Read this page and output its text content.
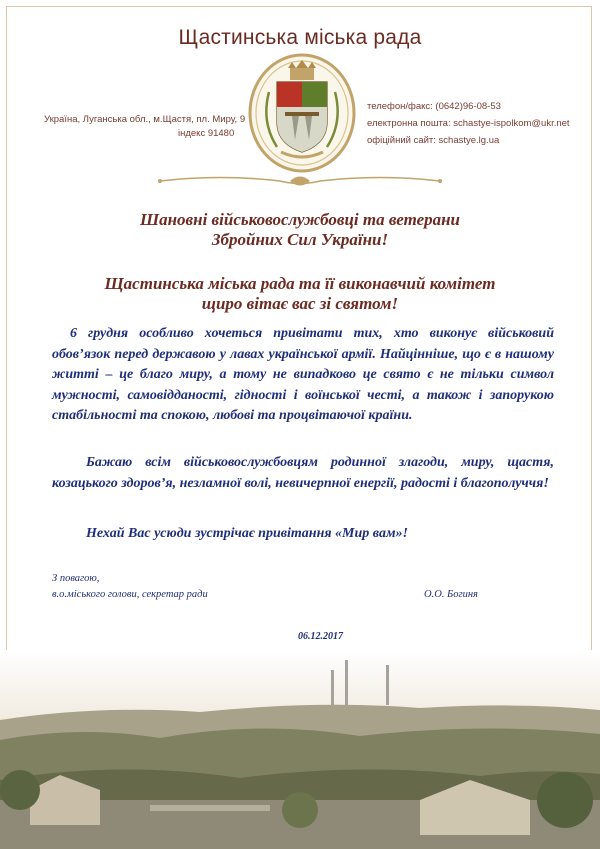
Щастинська міська рада
Україна, Луганська обл., м.Щастя, пл. Миру, 9
індекс 91480
телефон/факс: (0642)96-08-53
електронна пошта: schastye-ispolkom@ukr.net
офіційний сайт: schastye.lg.ua
Шановні військовослужбовці та ветерани
Збройних Сил України!
Щастинська міська рада та її виконавчий комітет
щиро вітає вас зі святом!
6 грудня особливо хочеться привітати тих, хто виконує військовий обов’язок перед державою у лавах української армії. Найцінніше, що є в нашому житті – це благо миру, а тому не випадково це свято є не тільки символ мужності, самовіддaності, гідності і воїнської честі, а також і запорукою стабільності та спокою, любові та процвітаючої країни.
Бажаю всім військовослужбовцям родинної злагоди, миру, щастя, козацького здоров’я, незламної волі, невичерпної енергії, радості і благополуччя!
Нехай Вас усюди зустрічає привітання «Мир вам»!
З повагою,
в.о.міського голови, секретар ради	О.О. Богиня
06.12.2017
